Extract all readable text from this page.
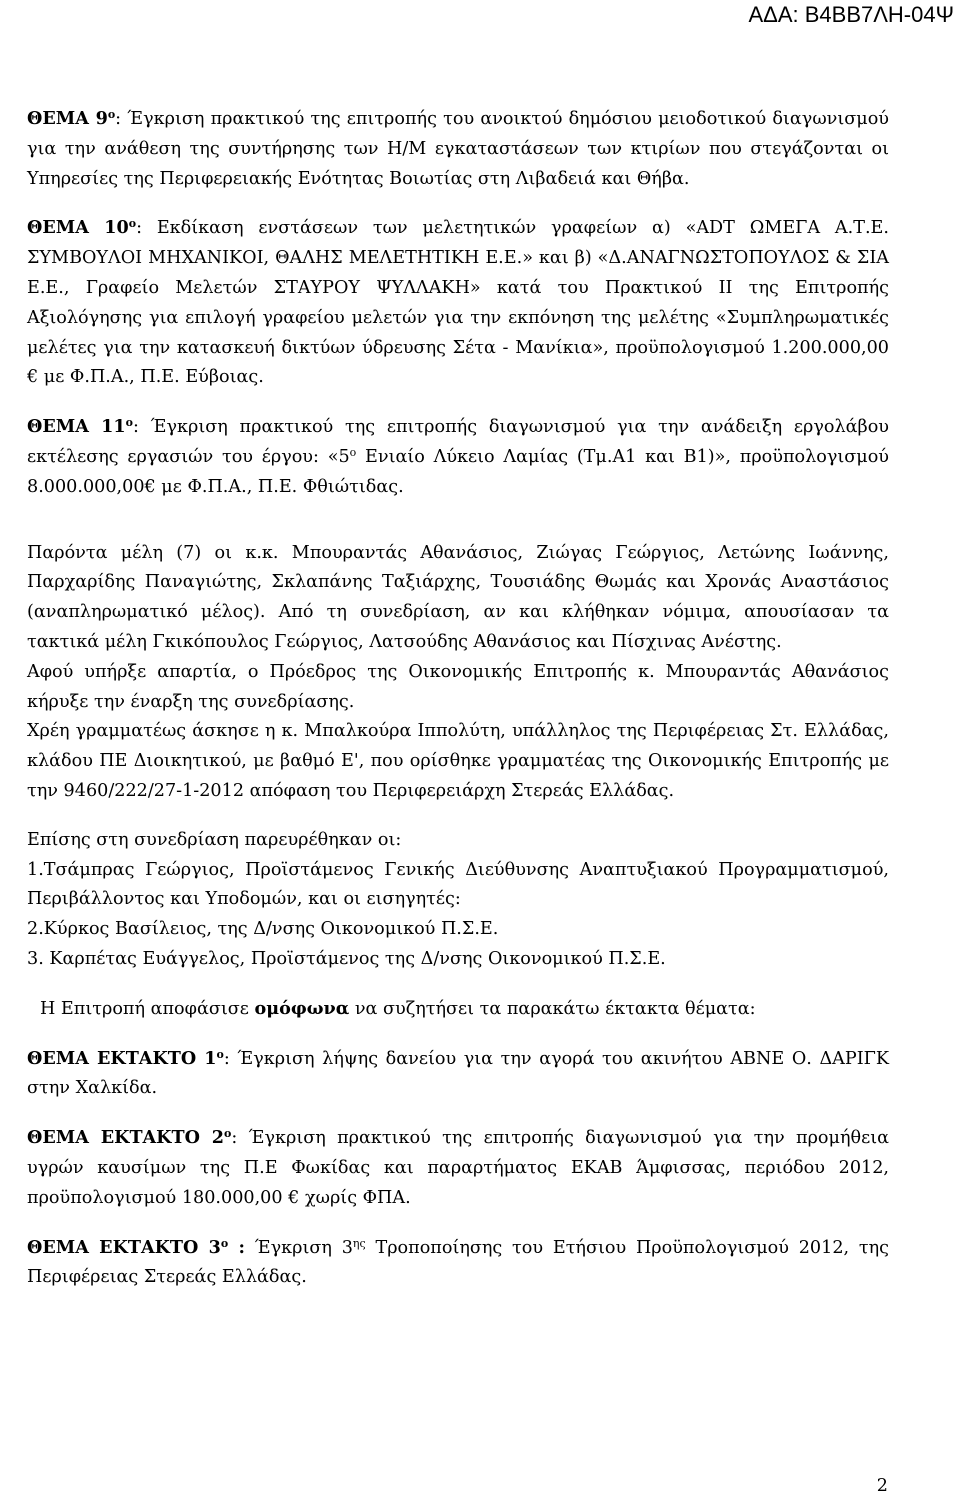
ΑΔΑ: Β4ΒΒ7ΛΗ-04Ψ

ΘΕΜΑ $9^o$: Έγκριση πρακτικού της επιτροπής του ανοικτού δημόσιου μειοδοτικού διαγωνισμού για την ανάθεση της συντήρησης των Η/Μ εγκαταστάσεων των κτιρίων που στεγάζονται οι Υπηρεσίες της Περιφερειακής Ενότητας Βοιωτίας στη Λιβαδειά και Θήβα.

ΘΕΜΑ $10^o$: Εκδίκαση ενστάσεων των μελετητικών γραφείων α) «ADT ΩΜΕΓΑ Α.Τ.Ε. ΣΥΜΒΟΥΛΟΙ ΜΗΧΑΝΙΚΟΙ, ΘΑΛΗΣ ΜΕΛΕΤΗΤΙΚΗ Ε.Ε.» και β) «Δ.ΑΝΑΓΝΩΣΤΟΠΟΥΛΟΣ & ΣΙΑ Ε.Ε., Γραφείο Μελετών ΣΤΑΥΡΟΥ ΨΥΛΛΑΚΗ» κατά του Πρακτικού ΙΙ της Επιτροπής Αξιολόγησης για επιλογή γραφείου μελετών για την εκπόνηση της μελέτης «Συμπληρωματικές μελέτες για την κατασκευή δικτύων ύδρευσης Σέτα - Μανίκια», προϋπολογισμού 1.200.000,00 € με Φ.Π.Α., Π.Ε. Εύβοιας.

ΘΕΜΑ $11^o$: Έγκριση πρακτικού της επιτροπής διαγωνισμού για την ανάδειξη εργολάβου εκτέλεσης εργασιών του έργου: «$5^o$ Ενιαίο Λύκειο Λαμίας (Τμ.Α1 και Β1)», προϋπολογισμού 8.000.000,00€ με Φ.Π.Α., Π.Ε. Φθιώτιδας.

Παρόντα μέλη (7) οι κ.κ. Μπουραντάς Αθανάσιος, Ζιώγας Γεώργιος, Λετώνης Ιωάννης, Παρχαρίδης Παναγιώτης, Σκλαπάνης Ταξιάρχης, Τουσιάδης Θωμάς και Χρονάς Αναστάσιος (αναπληρωματικό μέλος). Από τη συνεδρίαση, αν και κλήθηκαν νόμιμα, απουσίασαν τα τακτικά μέλη Γκικόπουλος Γεώργιος, Λατσούδης Αθανάσιος και Πίσχινας Ανέστης.

Αφού υπήρξε απαρτία, ο Πρόεδρος της Οικονομικής Επιτροπής κ. Μπουραντάς Αθανάσιος κήρυξε την έναρξη της συνεδρίασης.

Χρέη γραμματέως άσκησε η κ. Μπαλκούρα Ιππολύτη, υπάλληλος της Περιφέρειας Στ. Ελλάδας, κλάδου ΠΕ Διοικητικού, με βαθμό Ε', που ορίσθηκε γραμματέας της Οικονομικής Επιτροπής με την 9460/222/27-1-2012 απόφαση του Περιφερειάρχη Στερεάς Ελλάδας.

Επίσης στη συνεδρίαση παρευρέθηκαν οι:

1.Τσάμπρας Γεώργιος, Προϊστάμενος Γενικής Διεύθυνσης Αναπτυξιακού Προγραμματισμού, Περιβάλλοντος και Υποδομών, και οι εισηγητές:

2.Κύρκος Βασίλειος, της Δ/νσης Οικονομικού Π.Σ.Ε.

3. Καρπέτας Ευάγγελος, Προϊστάμενος της Δ/νσης Οικονομικού Π.Σ.Ε.

Η Επιτροπή αποφάσισε ομόφωνα να συζητήσει τα παρακάτω έκτακτα θέματα:

ΘΕΜΑ ΕΚΤΑΚΤΟ $1^o$: Έγκριση λήψης δανείου για την αγορά του ακινήτου ΑΒΝΕ Ο. ΔΑΡΙΓΚ στην Χαλκίδα.

ΘΕΜΑ ΕΚΤΑΚΤΟ $2^o$: Έγκριση πρακτικού της επιτροπής διαγωνισμού για την προμήθεια υγρών καυσίμων της Π.Ε Φωκίδας και παραρτήματος ΕΚΑΒ Άμφισσας, περιόδου 2012, προϋπολογισμού 180.000,00 € χωρίς ΦΠΑ.

ΘΕΜΑ ΕΚΤΑΚΤΟ $3^o$ : Έγκριση $3^{\eta\varsigma}$ Τροποποίησης του Ετήσιου Προϋπολογισμού 2012, της Περιφέρειας Στερεάς Ελλάδας.

2
